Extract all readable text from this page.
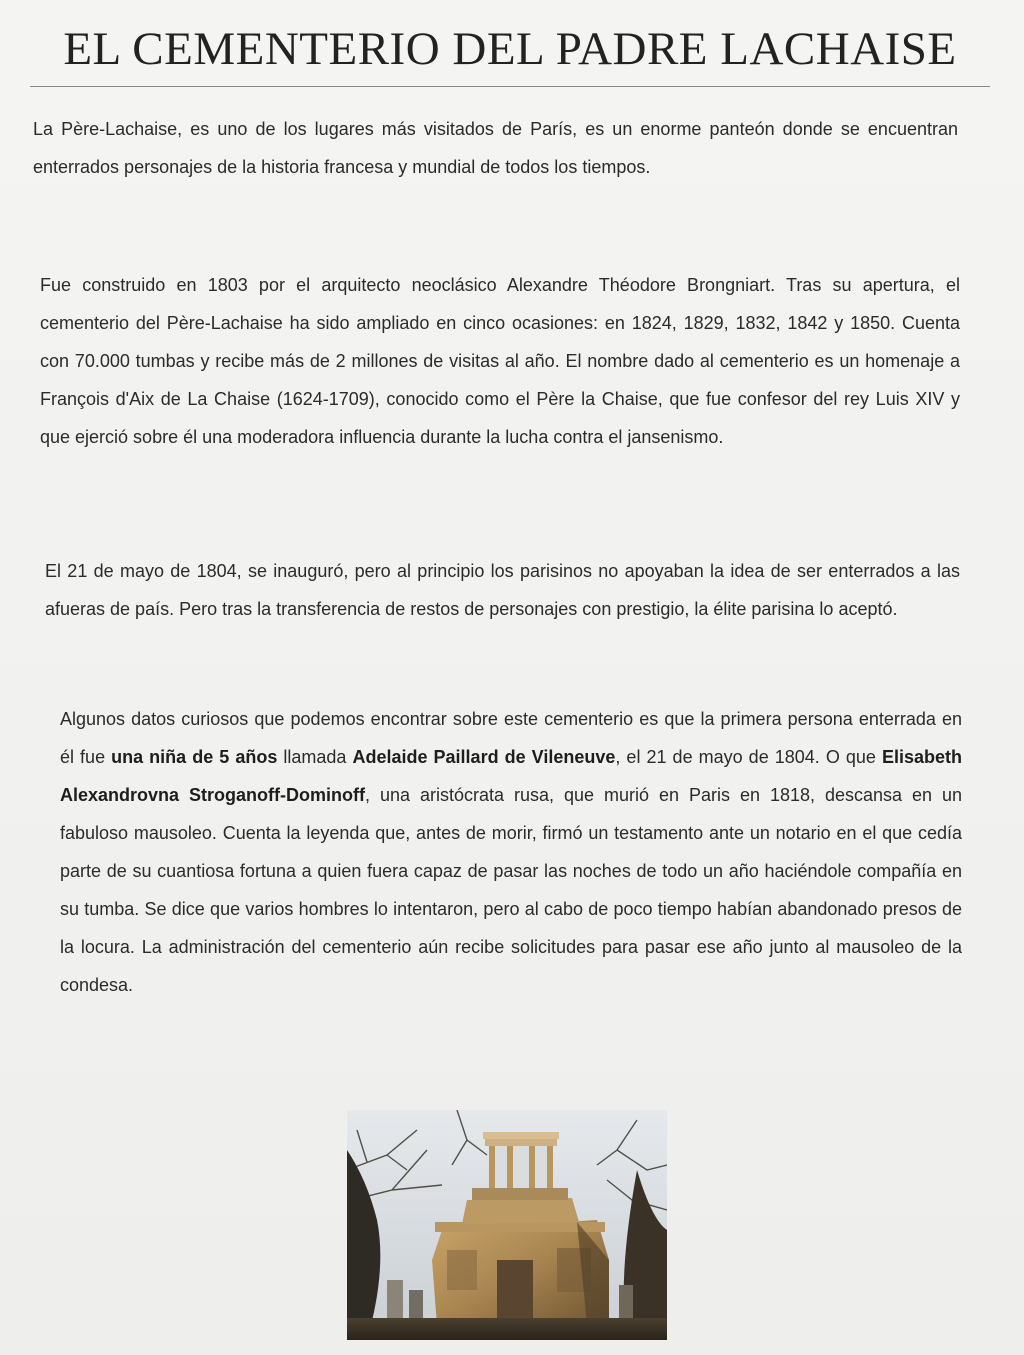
EL CEMENTERIO DEL PADRE LACHAISE

La Père-Lachaise, es uno de los lugares más visitados de París, es un enorme panteón donde se encuentran enterrados personajes de la historia francesa y mundial de todos los tiempos.

Fue construido en 1803 por el arquitecto neoclásico Alexandre Théodore Brongniart. Tras su apertura, el cementerio del Père-Lachaise ha sido ampliado en cinco ocasiones: en 1824, 1829, 1832, 1842 y 1850. Cuenta con 70.000 tumbas y recibe más de 2 millones de visitas al año. El nombre dado al cementerio es un homenaje a François d'Aix de La Chaise (1624-1709), conocido como el Père la Chaise, que fue confesor del rey Luis XIV y que ejerció sobre él una moderadora influencia durante la lucha contra el jansenismo.

El 21 de mayo de 1804, se inauguró, pero al principio los parisinos no apoyaban la idea de ser enterrados a las afueras de país. Pero tras la transferencia de restos de personajes con prestigio, la élite parisina lo aceptó.

Algunos datos curiosos que podemos encontrar sobre este cementerio es que la primera persona enterrada en él fue una niña de 5 años llamada Adelaide Paillard de Vileneuve, el 21 de mayo de 1804. O que Elisabeth Alexandrovna Stroganoff-Dominoff, una aristócrata rusa, que murió en Paris en 1818, descansa en un fabuloso mausoleo. Cuenta la leyenda que, antes de morir, firmó un testamento ante un notario en el que cedía parte de su cuantiosa fortuna a quien fuera capaz de pasar las noches de todo un año haciéndole compañía en su tumba. Se dice que varios hombres lo intentaron, pero al cabo de poco tiempo habían abandonado presos de la locura. La administración del cementerio aún recibe solicitudes para pasar ese año junto al mausoleo de la condesa.
